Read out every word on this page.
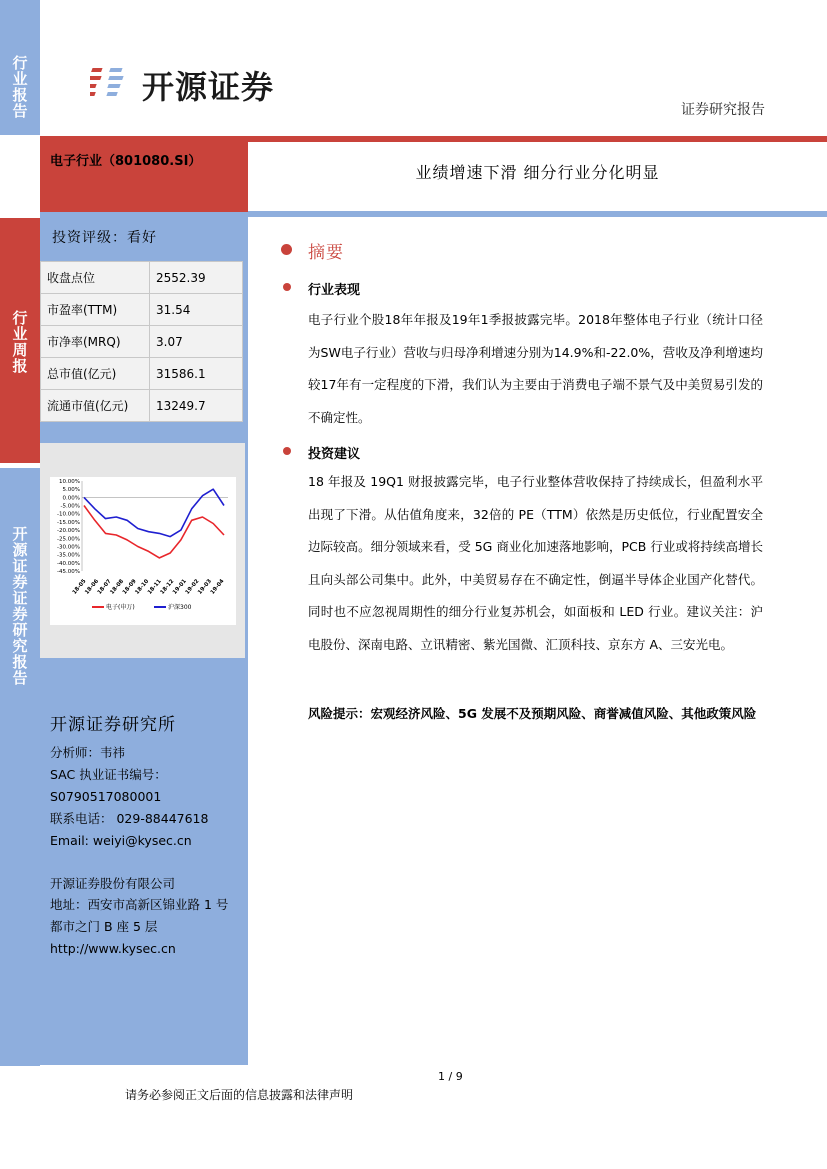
行业报告
行业周报
开源证券证券研究报告
开源证券
证券研究报告
电子行业（801080.SI）
业绩增速下滑 细分行业分化明显
投资评级：看好
收盘点位	2552.39
市盈率(TTM)	31.54
市净率(MRQ)	3.07
总市值(亿元)	31586.1
流通市值(亿元)	13249.7
10.00%
5.00%
0.00%
-5.00%
-10.00%
-15.00%
-20.00%
-25.00%
-30.00%
-35.00%
-40.00%
-45.00%
18-05
18-06
18-07
18-08
18-09
18-10
18-11
18-12
19-01
19-02
19-03
19-04
电子(申万)	沪深300
开源证券研究所
分析师：韦祎
SAC 执业证书编号：
S0790517080001
联系电话： 029-88447618
Email: weiyi@kysec.cn
开源证券股份有限公司
地址：西安市高新区锦业路 1 号
都市之门 B 座 5 层
http://www.kysec.cn
摘要
行业表现
电子行业个股18年年报及19年1季报披露完毕。2018年整体电子行业（统计口径为SW电子行业）营收与归母净利增速分别为14.9%和-22.0%，营收及净利增速均较17年有一定程度的下滑，我们认为主要由于消费电子端不景气及中美贸易引发的不确定性。
投资建议
18 年报及 19Q1 财报披露完毕，电子行业整体营收保持了持续成长，但盈利水平出现了下滑。从估值角度来，32倍的 PE（TTM）依然是历史低位，行业配置安全边际较高。细分领域来看，受 5G 商业化加速落地影响，PCB 行业或将持续高增长且向头部公司集中。此外，中美贸易存在不确定性，倒逼半导体企业国产化替代。同时也不应忽视周期性的细分行业复苏机会，如面板和 LED 行业。建议关注：沪电股份、深南电路、立讯精密、紫光国微、汇顶科技、京东方 A、三安光电。
风险提示：宏观经济风险、5G 发展不及预期风险、商誉减值风险、其他政策风险
1 / 9
请务必参阅正文后面的信息披露和法律声明
